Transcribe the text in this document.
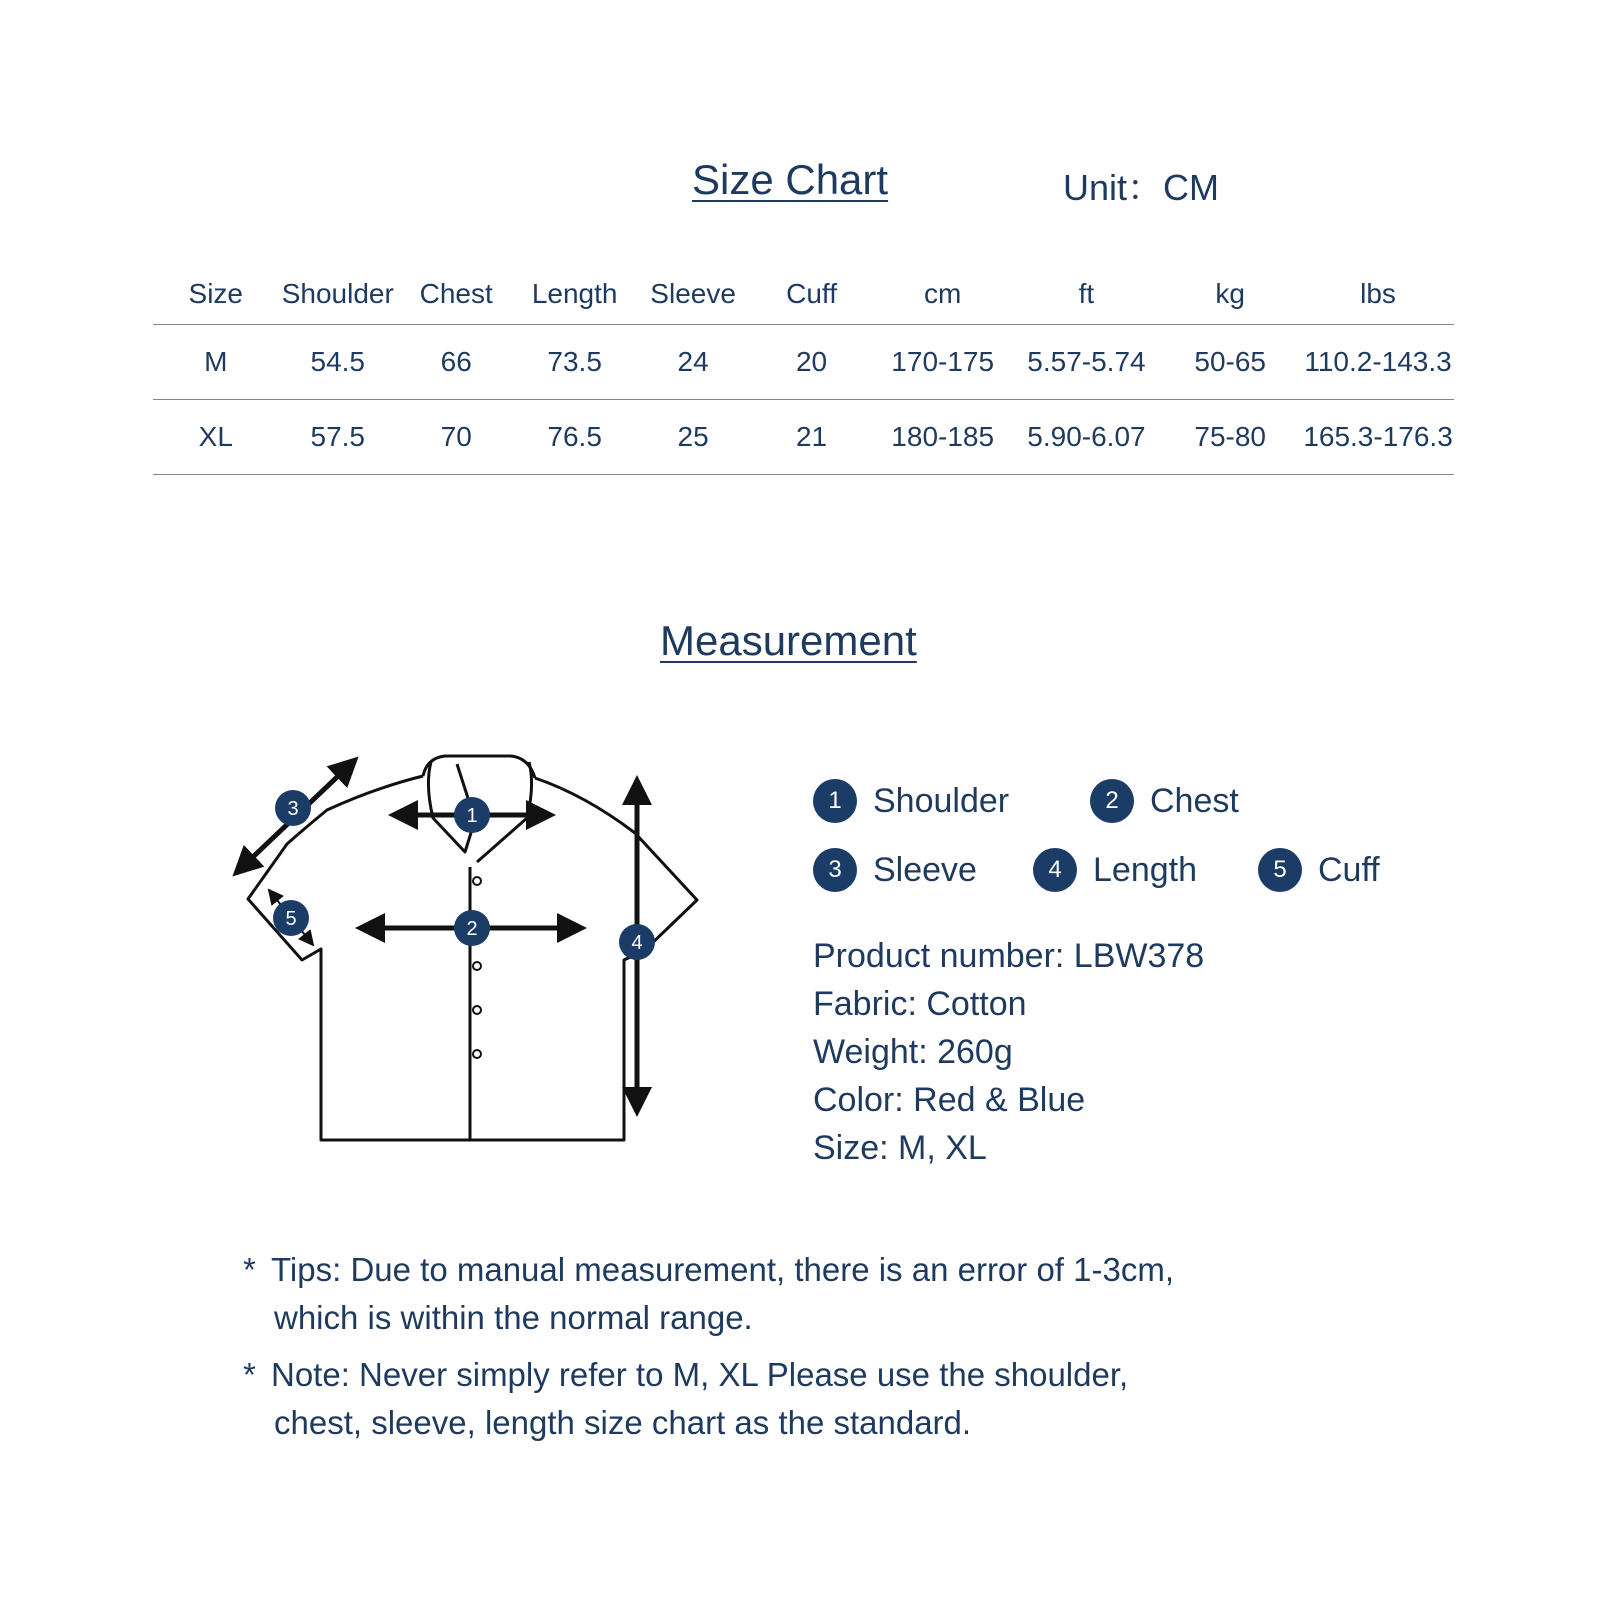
Size Chart	Unit：CM
Size	Shoulder	Chest	Length	Sleeve	Cuff	cm	ft	kg	lbs
M	54.5	66	73.5	24	20	170-175	5.57-5.74	50-65	110.2-143.3
XL	57.5	70	76.5	25	21	180-185	5.90-6.07	75-80	165.3-176.3
Measurement
1
2
3
4
5
1 Shoulder	2 Chest
3 Sleeve	4 Length	5 Cuff
Product number: LBW378
Fabric: Cotton
Weight: 260g
Color: Red & Blue
Size: M, XL
* Tips: Due to manual measurement, there is an error of 1-3cm,
which is within the normal range.
* Note: Never simply refer to M, XL Please use the shoulder,
chest, sleeve, length size chart as the standard.
